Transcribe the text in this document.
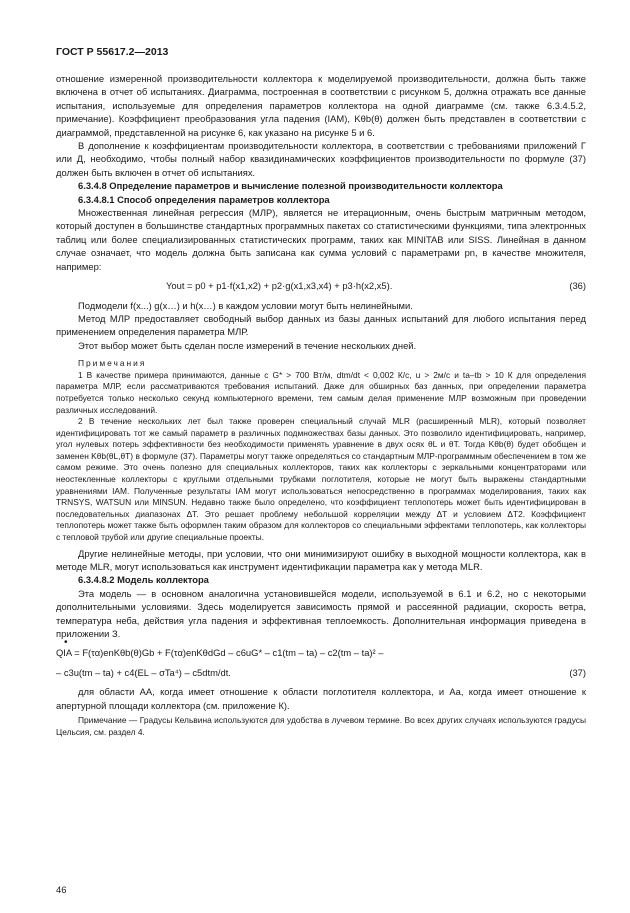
ГОСТ Р 55617.2—2013

отношение измеренной производительности коллектора к моделируемой производительности, должна быть также включена в отчет об испытаниях. Диаграмма, построенная в соответствии с рисунком 5, должна отражать все данные испытания, используемые для определения параметров коллектора на одной диаграмме (см. также 6.3.4.5.2, примечание). Коэффициент преобразования угла падения (IAM), Kθb(θ) должен быть представлен в соответствии с диаграммой, представленной на рисунке 6, как указано на рисунке 5 и 6.

В дополнение к коэффициентам производительности коллектора, в соответствии с требованиями приложений Г или Д, необходимо, чтобы полный набор квазидинамических коэффициентов производительности по формуле (37) должен быть включен в отчет об испытаниях.

6.3.4.8 Определение параметров и вычисление полезной производительности коллектора

6.3.4.8.1 Способ определения параметров коллектора

Множественная линейная регрессия (МЛР), является не итерационным, очень быстрым матричным методом, который доступен в большинстве стандартных программных пакетах со статистическими функциями, типа электронных таблиц или более специализированных статистических программ, таких как MINITAB или SISS. Линейная в данном случае означает, что модель должна быть записана как сумма условий с параметрами pn, в качестве множителя, например:

Yout = p0 + p1·f(x1,x2) + p2·g(x1,x3,x4) + p3·h(x2,x5).	(36)

Подмодели f(x...) g(x…) и h(x…) в каждом условии могут быть нелинейными.

Метод МЛР предоставляет свободный выбор данных из базы данных испытаний для любого испытания перед применением определения параметра МЛР.

Этот выбор может быть сделан после измерений в течение нескольких дней.

Примечания

1 В качестве примера принимаются, данные с G* > 700 Вт/м, dtm/dt < 0,002 К/с, u > 2м/с и ta–tb > 10 К для определения параметра МЛР, если рассматриваются требования испытаний. Даже для обширных баз данных, при определении параметра потребуется только несколько секунд компьютерного времени, тем самым делая применение МЛР возможным при проведении различных исследований.

2 В течение нескольких лет был также проверен специальный случай MLR (расширенный MLR), который позволяет идентифицировать тот же самый параметр в различных подмножествах базы данных. Это позволило идентифицировать, например, угол нулевых потерь эффективности без необходимости применять уравнение в двух осях θL и θT. Тогда Kθb(θ) будет обобщен и заменен Kθb(θL,θT) в формуле (37). Параметры могут также определяться со стандартным МЛР-программным обеспечением в том же самом режиме. Это очень полезно для специальных коллекторов, таких как коллекторы с зеркальными концентраторами или неостекленные коллекторы с круглыми отдельными трубками поглотителя, которые не могут быть выражены стандартными уравнениями IAM. Полученные результаты IAM могут использоваться непосредственно в программах моделирования, таких как TRNSYS, WATSUN или MINSUN. Недавно также было определено, что коэффициент теплопотерь может быть идентифицирован в последовательных диапазонах ΔT. Это решает проблему небольшой корреляции между ΔT и условием ΔT2. Коэффициент теплопотерь может также быть оформлен таким образом для коллекторов со специальными эффектами теплопотерь, как коллекторы с тепловой трубой или другие специальные проекты.

Другие нелинейные методы, при условии, что они минимизируют ошибку в выходной мощности коллектора, как в методе MLR, могут использоваться как инструмент идентификации параметра как у метода MLR.

6.3.4.8.2 Модель коллектора

Эта модель — в основном аналогична установившейся модели, используемой в 6.1 и 6.2, но с некоторыми дополнительными условиями. Здесь моделируется зависимость прямой и рассеянной радиации, скорость ветра, температура неба, действия угла падения и эффективная теплоемкость. Дополнительная информация приведена в приложении З.

•
QIA = F(τα)enKθb(θ)Gb + F(τα)enKθdGd – c6uG* – c1(tm – ta) – c2(tm – ta)² –
– c3u(tm – ta) + c4(EL – σTa⁴) – c5dtm/dt.	(37)

для области AA, когда имеет отношение к области поглотителя коллектора, и Aa, когда имеет отношение к апертурной площади коллектора (см. приложение К).

Примечание — Градусы Кельвина используются для удобства в лучевом термине. Во всех других случаях используются градусы Цельсия, см. раздел 4.

46
